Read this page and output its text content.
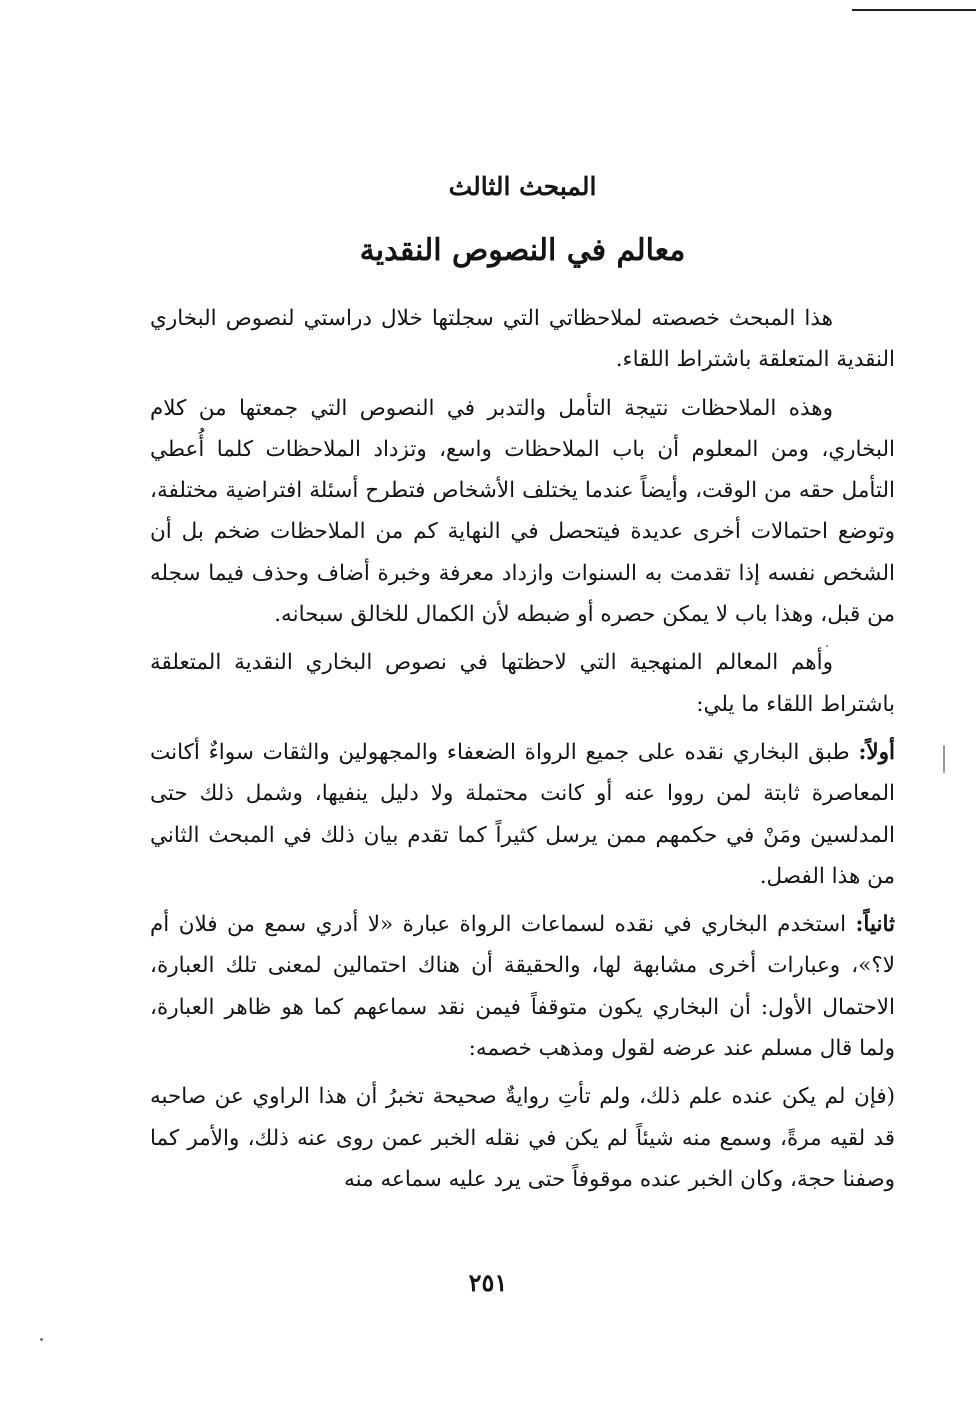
المبحث الثالث
معالم في النصوص النقدية

هذا المبحث خصصته لملاحظاتي التي سجلتها خلال دراستي لنصوص البخاري النقدية المتعلقة باشتراط اللقاء.

وهذه الملاحظات نتيجة التأمل والتدبر في النصوص التي جمعتها من كلام البخاري، ومن المعلوم أن باب الملاحظات واسع، وتزداد الملاحظات كلما أُعطي التأمل حقه من الوقت، وأيضاً عندما يختلف الأشخاص فتطرح أسئلة افتراضية مختلفة، وتوضع احتمالات أخرى عديدة فيتحصل في النهاية كم من الملاحظات ضخم بل أن الشخص نفسه إذا تقدمت به السنوات وازداد معرفة وخبرة أضاف وحذف فيما سجله من قبل، وهذا باب لا يمكن حصره أو ضبطه لأن الكمال للخالق سبحانه.

وأهم المعالم المنهجية التي لاحظتها في نصوص البخاري النقدية المتعلقة باشتراط اللقاء ما يلي:

أولاً: طبق البخاري نقده على جميع الرواة الضعفاء والمجهولين والثقات سواءٌ أكانت المعاصرة ثابتة لمن رووا عنه أو كانت محتملة ولا دليل ينفيها، وشمل ذلك حتى المدلسين ومَنْ في حكمهم ممن يرسل كثيراً كما تقدم بيان ذلك في المبحث الثاني من هذا الفصل.

ثانياً: استخدم البخاري في نقده لسماعات الرواة عبارة «لا أدري سمع من فلان أم لا؟»، وعبارات أخرى مشابهة لها، والحقيقة أن هناك احتمالين لمعنى تلك العبارة، الاحتمال الأول: أن البخاري يكون متوقفاً فيمن نقد سماعهم كما هو ظاهر العبارة، ولما قال مسلم عند عرضه لقول ومذهب خصمه:

(فإن لم يكن عنده علم ذلك، ولم تأتِ روايةٌ صحيحة تخبرُ أن هذا الراوي عن صاحبه قد لقيه مرةً، وسمع منه شيئاً لم يكن في نقله الخبر عمن روى عنه ذلك، والأمر كما وصفنا حجة، وكان الخبر عنده موقوفاً حتى يرد عليه سماعه منه

٢٥١
